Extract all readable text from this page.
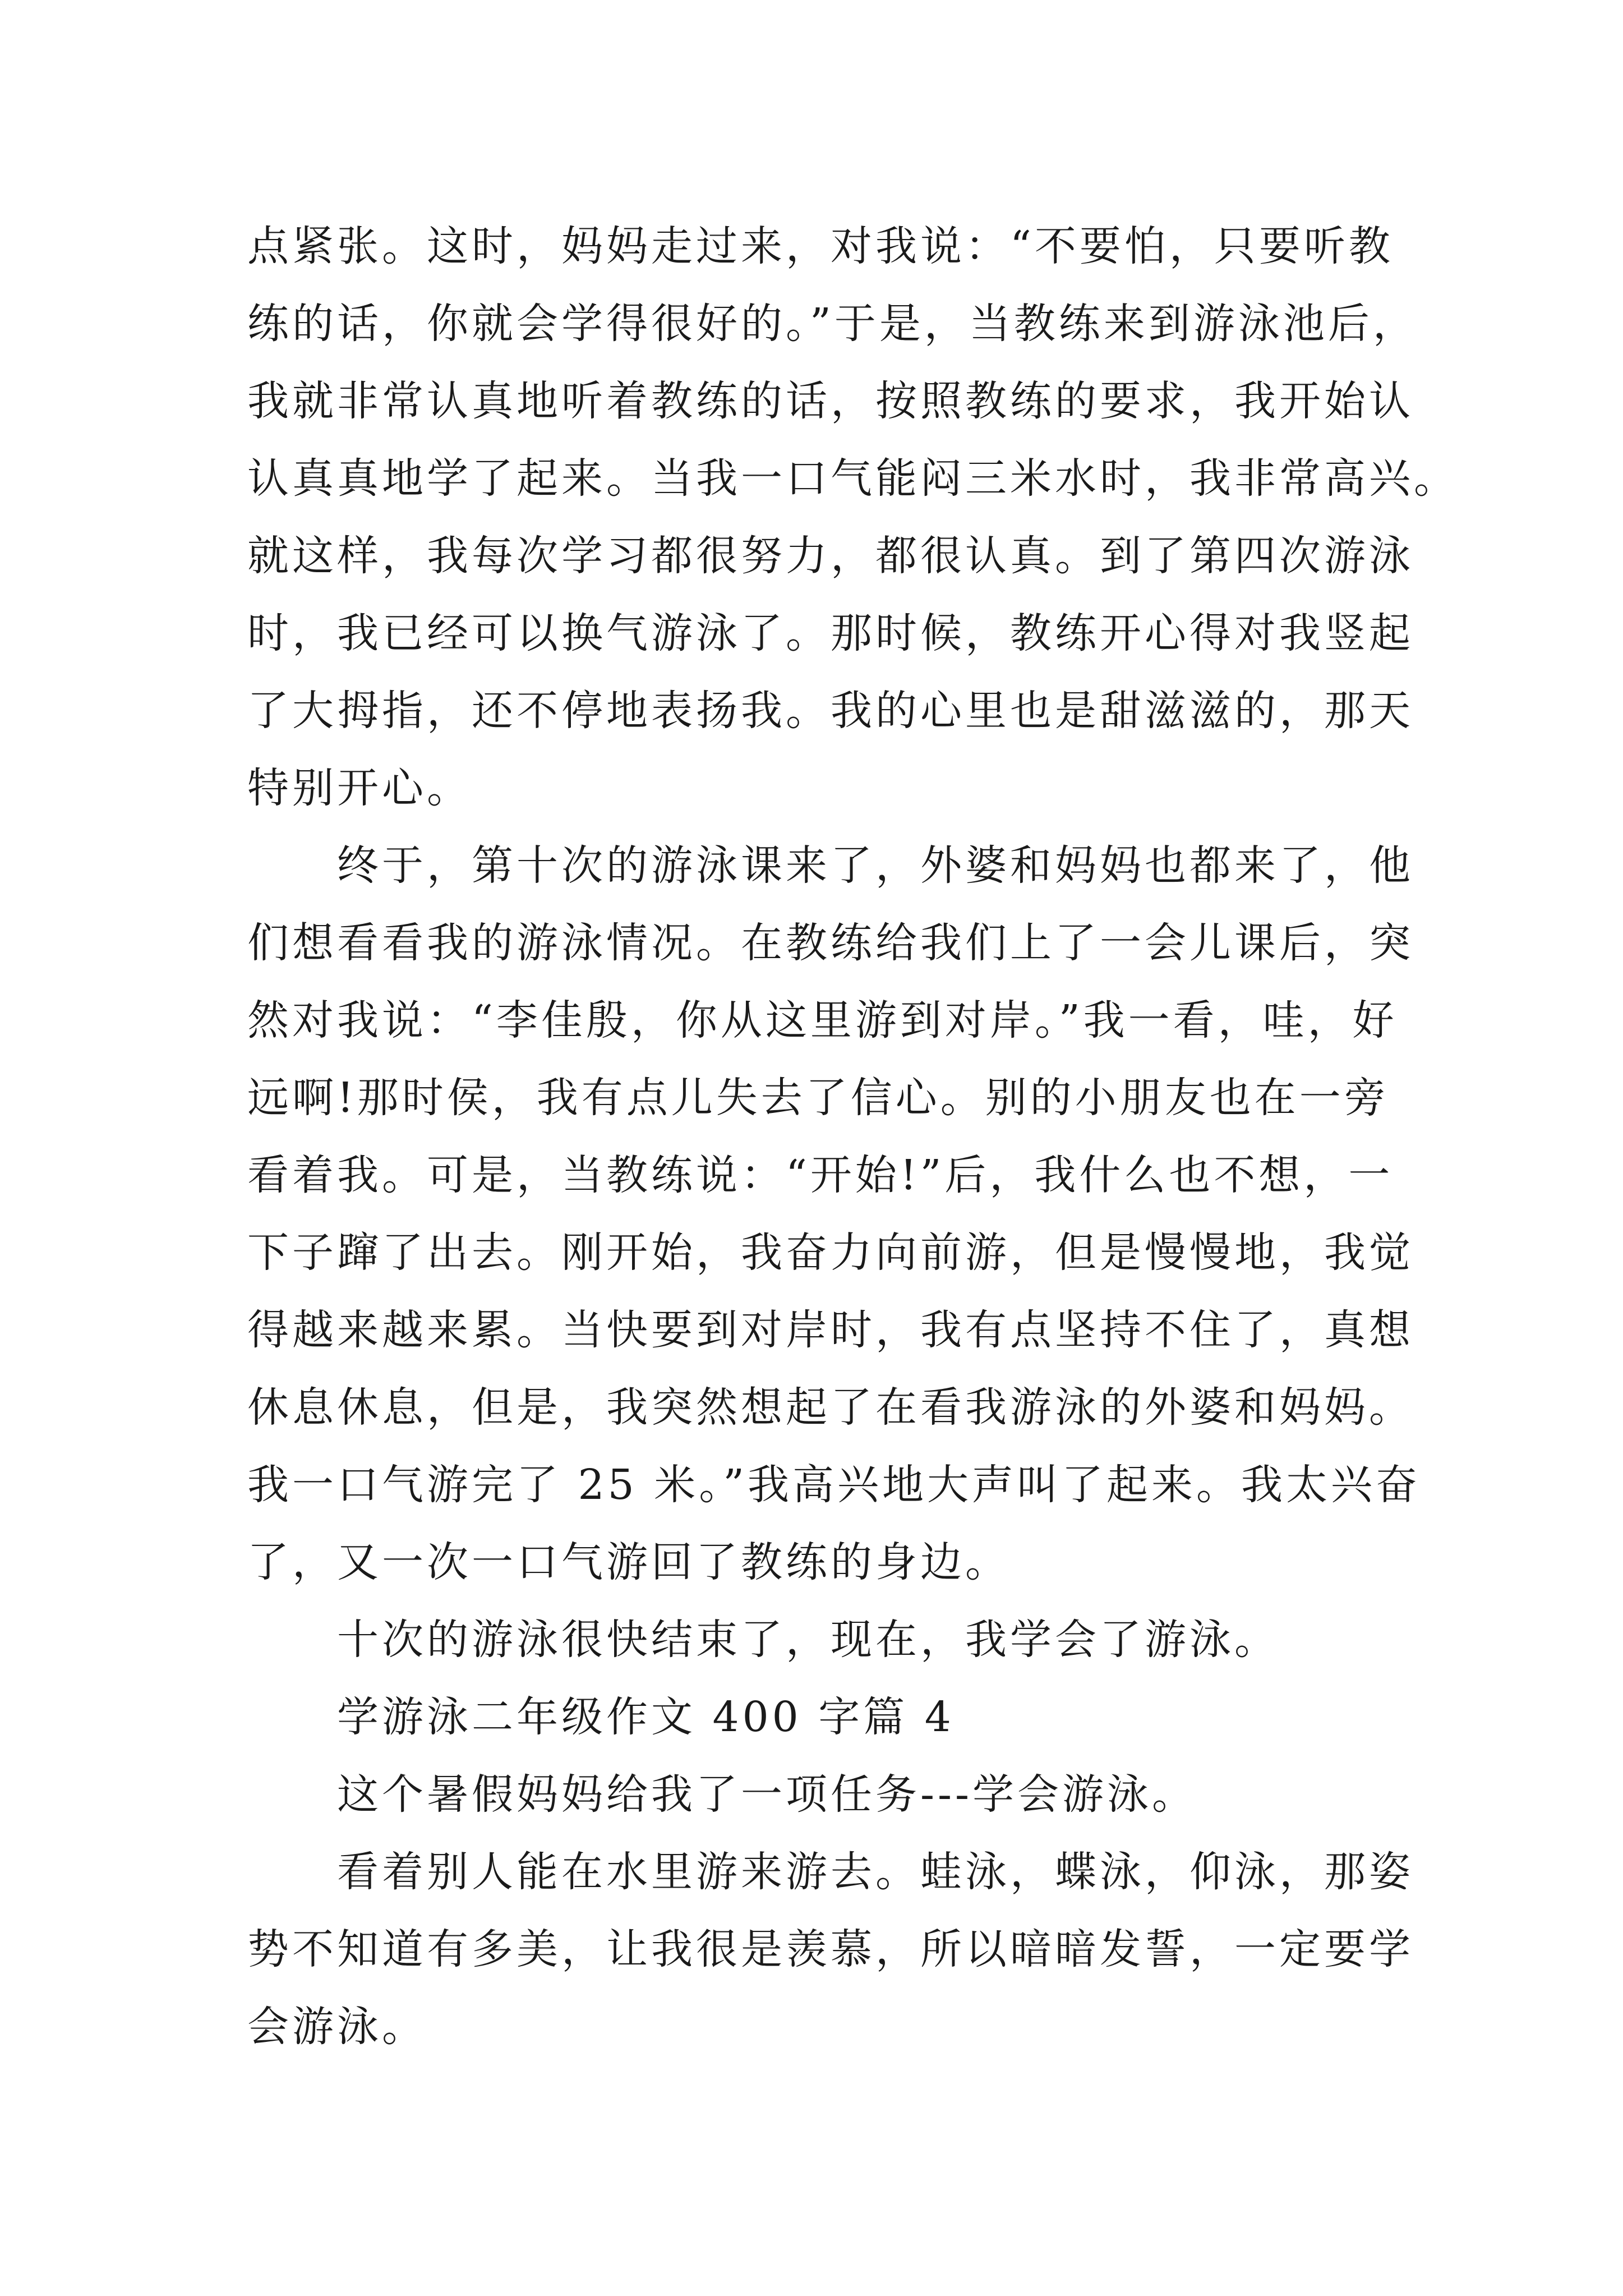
点紧张。这时，妈妈走过来，对我说：“不要怕，只要听教
练的话，你就会学得很好的。”于是，当教练来到游泳池后，
我就非常认真地听着教练的话，按照教练的要求，我开始认
认真真地学了起来。当我一口气能闷三米水时，我非常高兴。
就这样，我每次学习都很努力，都很认真。到了第四次游泳
时，我已经可以换气游泳了。那时候，教练开心得对我竖起
了大拇指，还不停地表扬我。我的心里也是甜滋滋的，那天
特别开心。
终于，第十次的游泳课来了，外婆和妈妈也都来了，他
们想看看我的游泳情况。在教练给我们上了一会儿课后，突
然对我说：“李佳殷，你从这里游到对岸。”我一看，哇，好
远啊!那时侯，我有点儿失去了信心。别的小朋友也在一旁
看着我。可是，当教练说：“开始!”后，我什么也不想，一
下子蹿了出去。刚开始，我奋力向前游，但是慢慢地，我觉
得越来越来累。当快要到对岸时，我有点坚持不住了，真想
休息休息，但是，我突然想起了在看我游泳的外婆和妈妈。
我一口气游完了 25 米。”我高兴地大声叫了起来。我太兴奋
了，又一次一口气游回了教练的身边。
十次的游泳很快结束了，现在，我学会了游泳。
学游泳二年级作文 400 字篇 4
这个暑假妈妈给我了一项任务---学会游泳。
看着别人能在水里游来游去。蛙泳，蝶泳，仰泳，那姿
势不知道有多美，让我很是羡慕，所以暗暗发誓，一定要学
会游泳。
